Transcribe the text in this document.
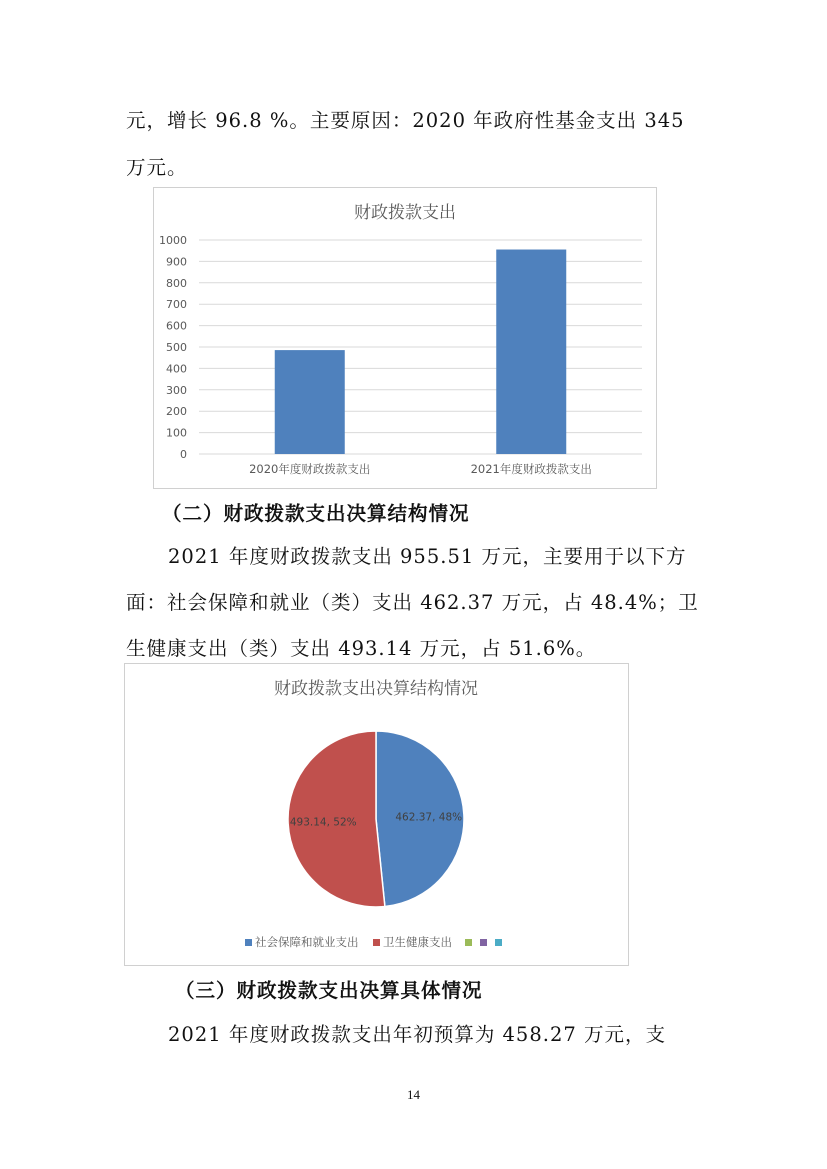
元，增长 96.8 %。主要原因：2020 年政府性基金支出 345

万元。

财政拨款支出
0
100
200
300
400
500
600
700
800
900
1000
2020年度财政拨款支出	2021年度财政拨款支出

（二）财政拨款支出决算结构情况

2021 年度财政拨款支出 955.51 万元，主要用于以下方

面：社会保障和就业（类）支出 462.37 万元，占 48.4%；卫

生健康支出（类）支出 493.14 万元，占 51.6%。

财政拨款支出决算结构情况
462.37, 48%
493.14, 52%
社会保障和就业支出 卫生健康支出

（三）财政拨款支出决算具体情况

2021 年度财政拨款支出年初预算为 458.27 万元，支

14
